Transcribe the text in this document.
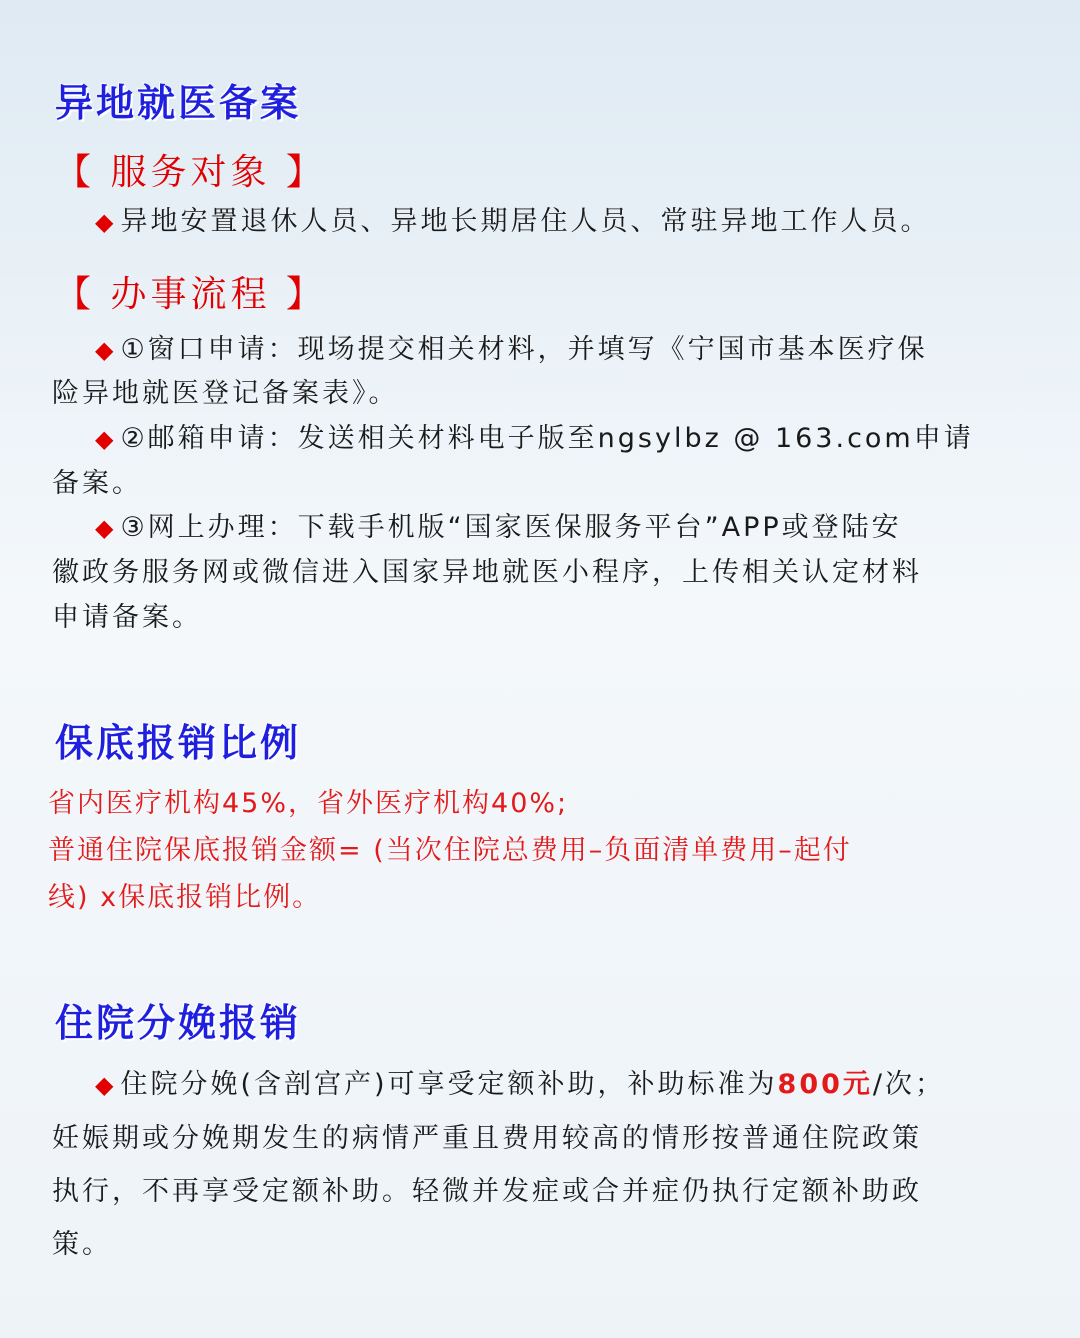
异地就医备案
【 服务对象 】
◆ 异地安置退休人员、异地长期居住人员、常驻异地工作人员。
【 办事流程 】
◆ ①窗口申请：现场提交相关材料，并填写《宁国市基本医疗保
险异地就医登记备案表》。
◆ ②邮箱申请：发送相关材料电子版至ngsylbz @ 163.com申请
备案。
◆ ③网上办理：下载手机版“国家医保服务平台”APP或登陆安
徽政务服务网或微信进入国家异地就医小程序，上传相关认定材料
申请备案。
保底报销比例
省内医疗机构45%，省外医疗机构40%;
普通住院保底报销金额= (当次住院总费用–负面清单费用–起付
线) x保底报销比例。
住院分娩报销
◆ 住院分娩(含剖宫产)可享受定额补助，补助标准为800元/次；
妊娠期或分娩期发生的病情严重且费用较高的情形按普通住院政策
执行，不再享受定额补助。轻微并发症或合并症仍执行定额补助政
策。
